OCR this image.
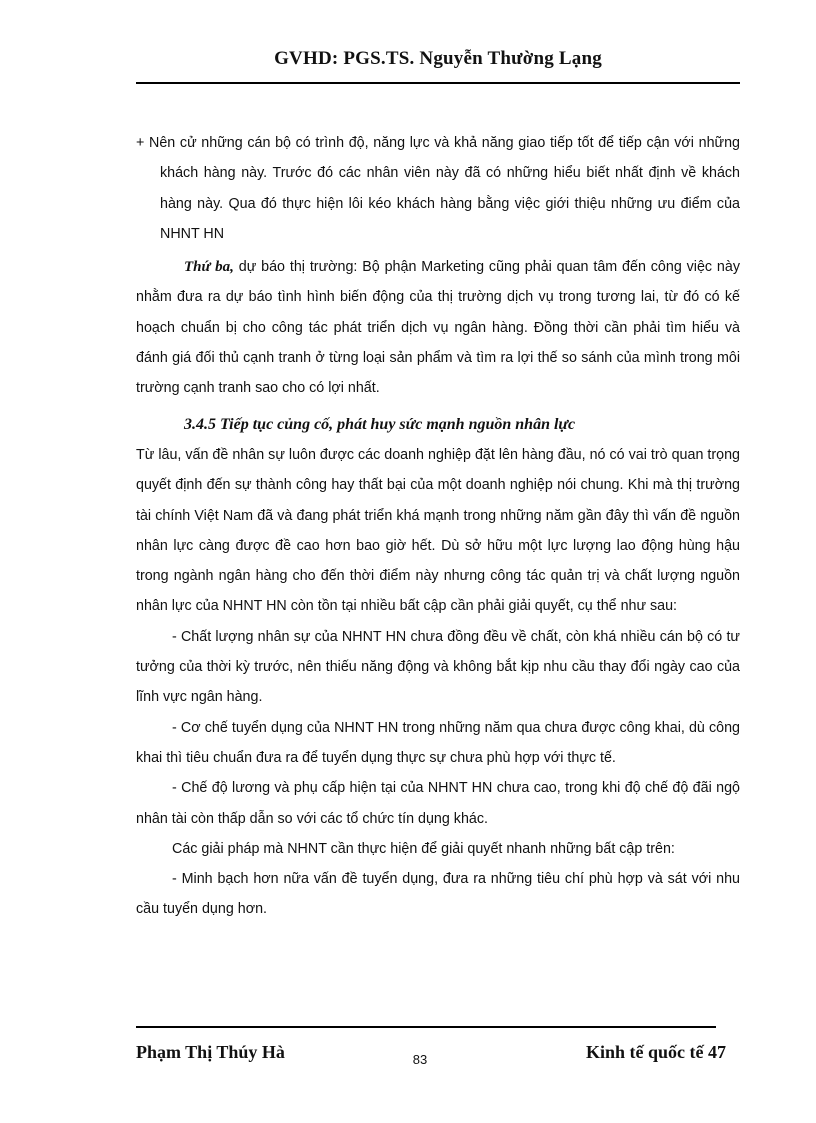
GVHD: PGS.TS. Nguyễn Thường Lạng

+ Nên cử những cán bộ có trình độ, năng lực và khả năng giao tiếp tốt để tiếp cận với những khách hàng này. Trước đó các nhân viên này đã có những hiểu biết nhất định về khách hàng này. Qua đó thực hiện lôi kéo khách hàng bằng việc giới thiệu những ưu điểm của NHNT HN

Thứ ba, dự báo thị trường: Bộ phận Marketing cũng phải quan tâm đến công việc này nhằm đưa ra dự báo tình hình biến động của thị trường dịch vụ trong tương lai, từ đó có kế hoạch chuẩn bị cho công tác phát triển dịch vụ ngân hàng. Đồng thời cần phải tìm hiểu và đánh giá đối thủ cạnh tranh ở từng loại sản phẩm và tìm ra lợi thế so sánh của mình trong môi trường cạnh tranh sao cho có lợi nhất.

3.4.5 Tiếp tục củng cố, phát huy sức mạnh nguồn nhân lực

Từ lâu, vấn đề nhân sự luôn được các doanh nghiệp đặt lên hàng đầu, nó có vai trò quan trọng quyết định đến sự thành công hay thất bại của một doanh nghiệp nói chung. Khi mà thị trường tài chính Việt Nam đã và đang phát triển khá mạnh trong những năm gần đây thì vấn đề nguồn nhân lực càng được đề cao hơn bao giờ hết. Dù sở hữu một lực lượng lao động hùng hậu trong ngành ngân hàng cho đến thời điểm này nhưng công tác quản trị và chất lượng nguồn nhân lực của NHNT HN còn tồn tại nhiều bất cập cần phải giải quyết, cụ thể như sau:

- Chất lượng nhân sự của NHNT HN chưa đồng đều về chất, còn khá nhiều cán bộ có tư tưởng của thời kỳ trước, nên thiếu năng động và không bắt kịp nhu cầu thay đổi ngày cao của lĩnh vực ngân hàng.

- Cơ chế tuyển dụng của NHNT HN trong những năm qua chưa được công khai, dù công khai thì tiêu chuẩn đưa ra để tuyển dụng thực sự chưa phù hợp với thực tế.

- Chế độ lương và phụ cấp hiện tại của NHNT HN chưa cao, trong khi độ chế độ đãi ngộ nhân tài còn thấp dẫn so với các tổ chức tín dụng khác.

Các giải pháp mà NHNT cần thực hiện để giải quyết nhanh những bất cập trên:

- Minh bạch hơn nữa vấn đề tuyển dụng, đưa ra những tiêu chí phù hợp và sát với nhu cầu tuyển dụng hơn.

Phạm Thị Thúy Hà	83	Kinh tế quốc tế 47
